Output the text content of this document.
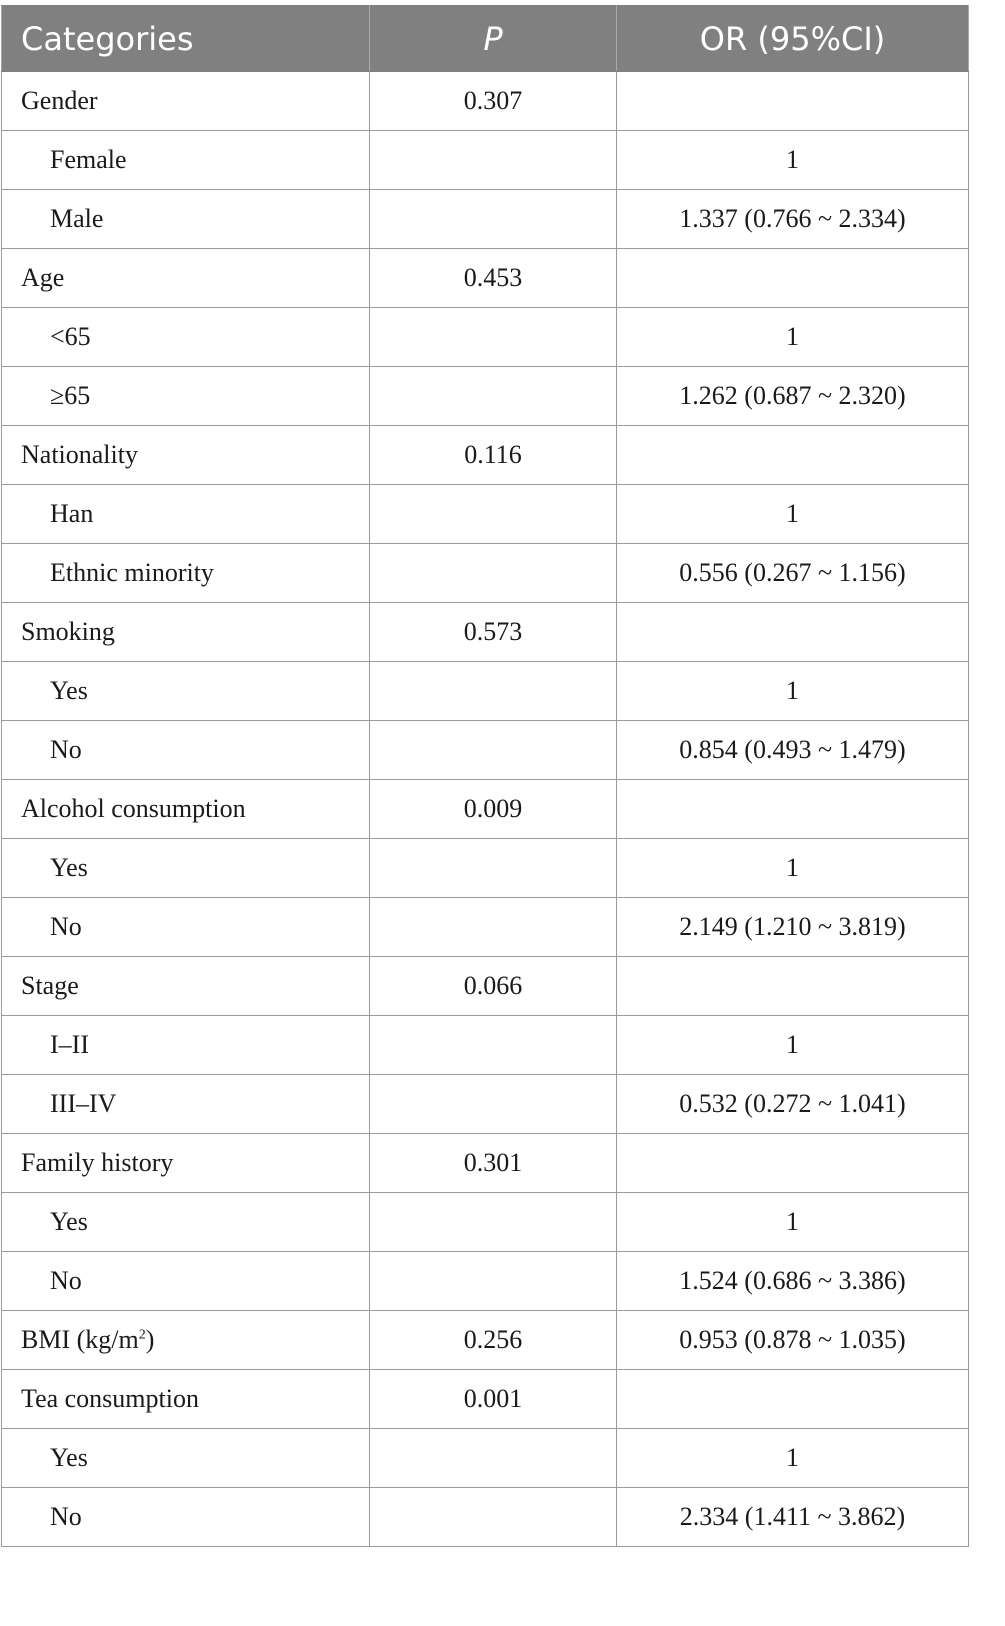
Categories	P	OR (95%CI)
Gender	0.307	
Female		1
Male		1.337 (0.766 ~ 2.334)
Age	0.453	
<65		1
≥65		1.262 (0.687 ~ 2.320)
Nationality	0.116	
Han		1
Ethnic minority		0.556 (0.267 ~ 1.156)
Smoking	0.573	
Yes		1
No		0.854 (0.493 ~ 1.479)
Alcohol consumption	0.009	
Yes		1
No		2.149 (1.210 ~ 3.819)
Stage	0.066	
I–II		1
III–IV		0.532 (0.272 ~ 1.041)
Family history	0.301	
Yes		1
No		1.524 (0.686 ~ 3.386)
BMI $(kg/m^2)$	0.256	0.953 (0.878 ~ 1.035)
Tea consumption	0.001	
Yes		1
No		2.334 (1.411 ~ 3.862)
